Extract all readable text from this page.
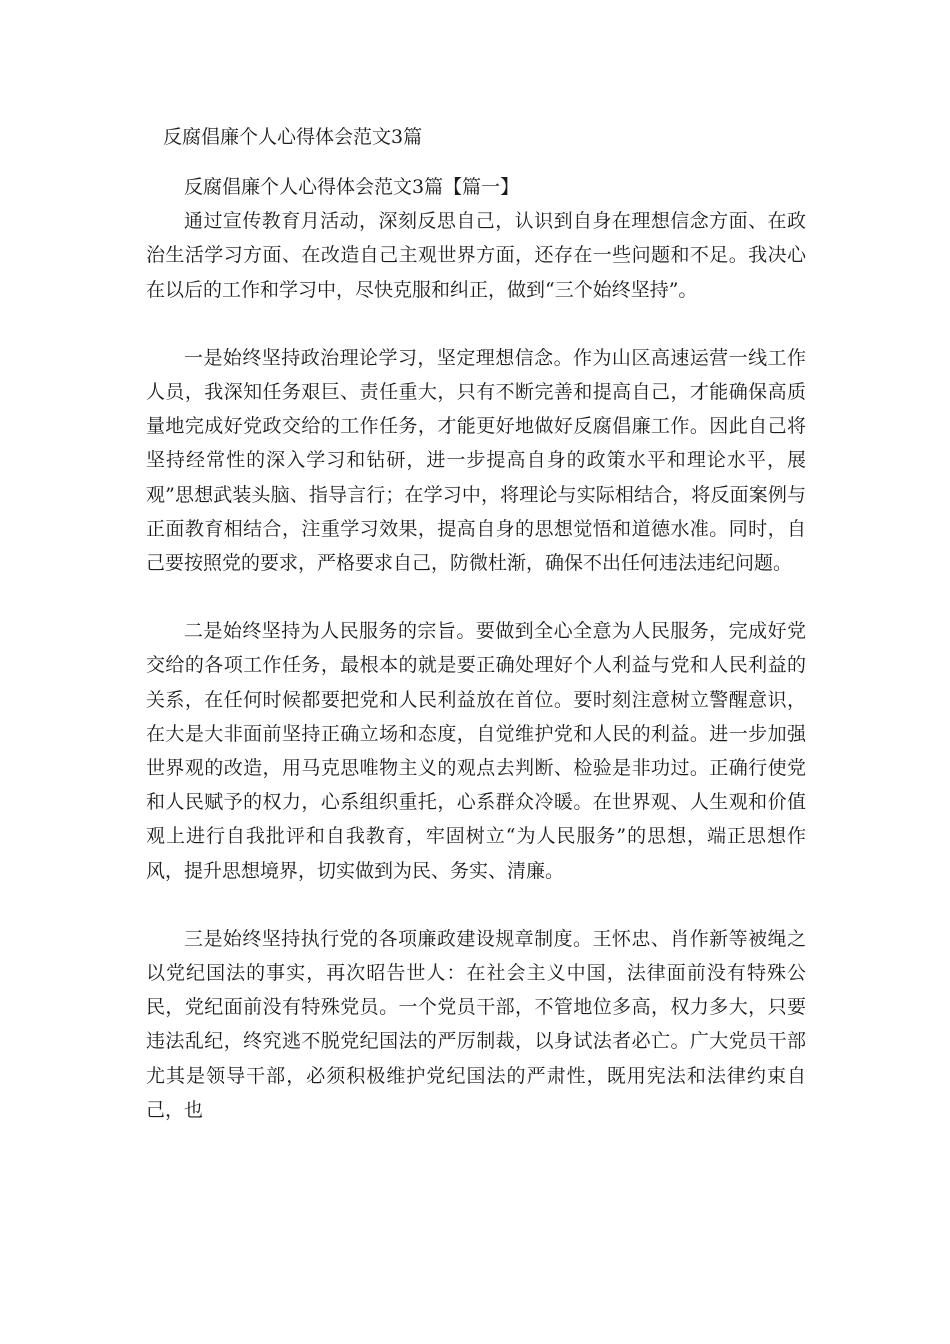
反腐倡廉个人心得体会范文3篇

反腐倡廉个人心得体会范文3篇【篇一】

通过宣传教育月活动，深刻反思自己，认识到自身在理想信念方面、在政治生活学习方面、在改造自己主观世界方面，还存在一些问题和不足。我决心在以后的工作和学习中，尽快克服和纠正，做到“三个始终坚持”。

一是始终坚持政治理论学习，坚定理想信念。作为山区高速运营一线工作人员，我深知任务艰巨、责任重大，只有不断完善和提高自己，才能确保高质量地完成好党政交给的工作任务，才能更好地做好反腐倡廉工作。因此自己将坚持经常性的深入学习和钻研，进一步提高自身的政策水平和理论水平，展观”思想武装头脑、指导言行；在学习中，将理论与实际相结合，将反面案例与正面教育相结合，注重学习效果，提高自身的思想觉悟和道德水准。同时，自己要按照党的要求，严格要求自己，防微杜渐，确保不出任何违法违纪问题。

二是始终坚持为人民服务的宗旨。要做到全心全意为人民服务，完成好党交给的各项工作任务，最根本的就是要正确处理好个人利益与党和人民利益的关系，在任何时候都要把党和人民利益放在首位。要时刻注意树立警醒意识，在大是大非面前坚持正确立场和态度，自觉维护党和人民的利益。进一步加强世界观的改造，用马克思唯物主义的观点去判断、检验是非功过。正确行使党和人民赋予的权力，心系组织重托，心系群众冷暖。在世界观、人生观和价值观上进行自我批评和自我教育，牢固树立“为人民服务”的思想，端正思想作风，提升思想境界，切实做到为民、务实、清廉。

三是始终坚持执行党的各项廉政建设规章制度。王怀忠、肖作新等被绳之以党纪国法的事实，再次昭告世人：在社会主义中国，法律面前没有特殊公民，党纪面前没有特殊党员。一个党员干部，不管地位多高，权力多大，只要违法乱纪，终究逃不脱党纪国法的严厉制裁，以身试法者必亡。广大党员干部尤其是领导干部，必须积极维护党纪国法的严肃性，既用宪法和法律约束自己，也
